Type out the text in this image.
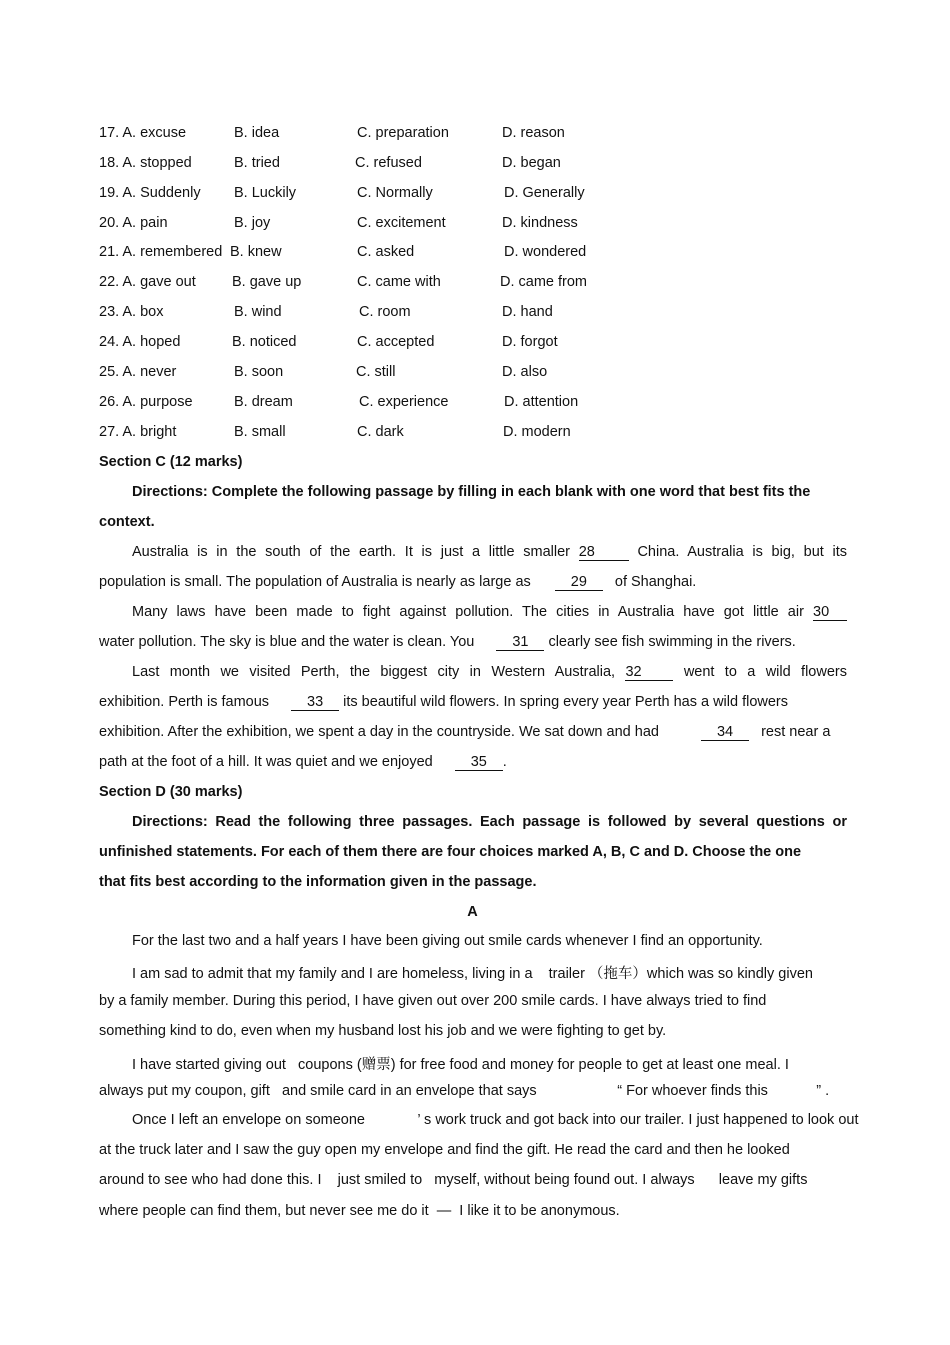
17. A. excuse	B. idea	C. preparation	D. reason
18. A. stopped	B. tried	C. refused	D. began
19. A. Suddenly B. Luckily	C. Normally	D. Generally
20. A. pain	B. joy	C. excitement	D. kindness
21. A. remembered B. knew	C. asked	D. wondered
22. A. gave out	B. gave up	C. came with	D. came from
23. A. box	B. wind	C. room	D. hand
24. A. hoped	B. noticed	C. accepted	D. forgot
25. A. never	B. soon	C. still	D. also
26. A. purpose	B. dream	C. experience	D. attention
27. A. bright	B. small	C. dark	D. modern
Section C (12 marks)
Directions: Complete the following passage by filling in each blank with one word that best fits the
context.
Australia is in the south of the earth. It is just a little smaller 28	China. Australia is big, but its
population is small. The population of Australia is nearly as large as	29 of Shanghai.
Many laws have been made to fight against pollution. The cities in Australia have got little air 30
water pollution. The sky is blue and the water is clean. You	31 clearly see fish swimming in the rivers.
Last month we visited Perth, the biggest city in Western Australia, 32	went to a wild flowers
exhibition. Perth is famous	33 its beautiful wild flowers. In spring every year Perth has a wild flowers
exhibition. After the exhibition, we spent a day in the countryside. We sat down and had	34 rest near a
path at the foot of a hill. It was quiet and we enjoyed	35 .
Section D (30 marks)
Directions: Read the following three passages. Each passage is followed by several questions or
unfinished statements. For each of them there are four choices marked A, B, C and D. Choose the one
that fits best according to the information given in the passage.
A
For the last two and a half years I have been giving out smile cards whenever I find an opportunity.
I am sad to admit that my family and I are homeless, living in a    trailer （拖车）which was so kindly given
by a family member. During this period, I have given out over 200 smile cards. I have always tried to find
something kind to do, even when my husband lost his job and we were fighting to get by.
I have started giving out   coupons (赠票) for free food and money for people to get at least one meal. I
always put my coupon, gift   and smile card in an envelope that says                    “ For whoever finds this            ” .
Once I left an envelope on someone             ’ s work truck and got back into our trailer. I just happened to look out
at the truck later and I saw the guy open my envelope and find the gift. He read the card and then he looked
around to see who had done this. I    just smiled to   myself, without being found out. I always      leave my gifts
where people can find them, but never see me do it  —  I like it to be anonymous.
